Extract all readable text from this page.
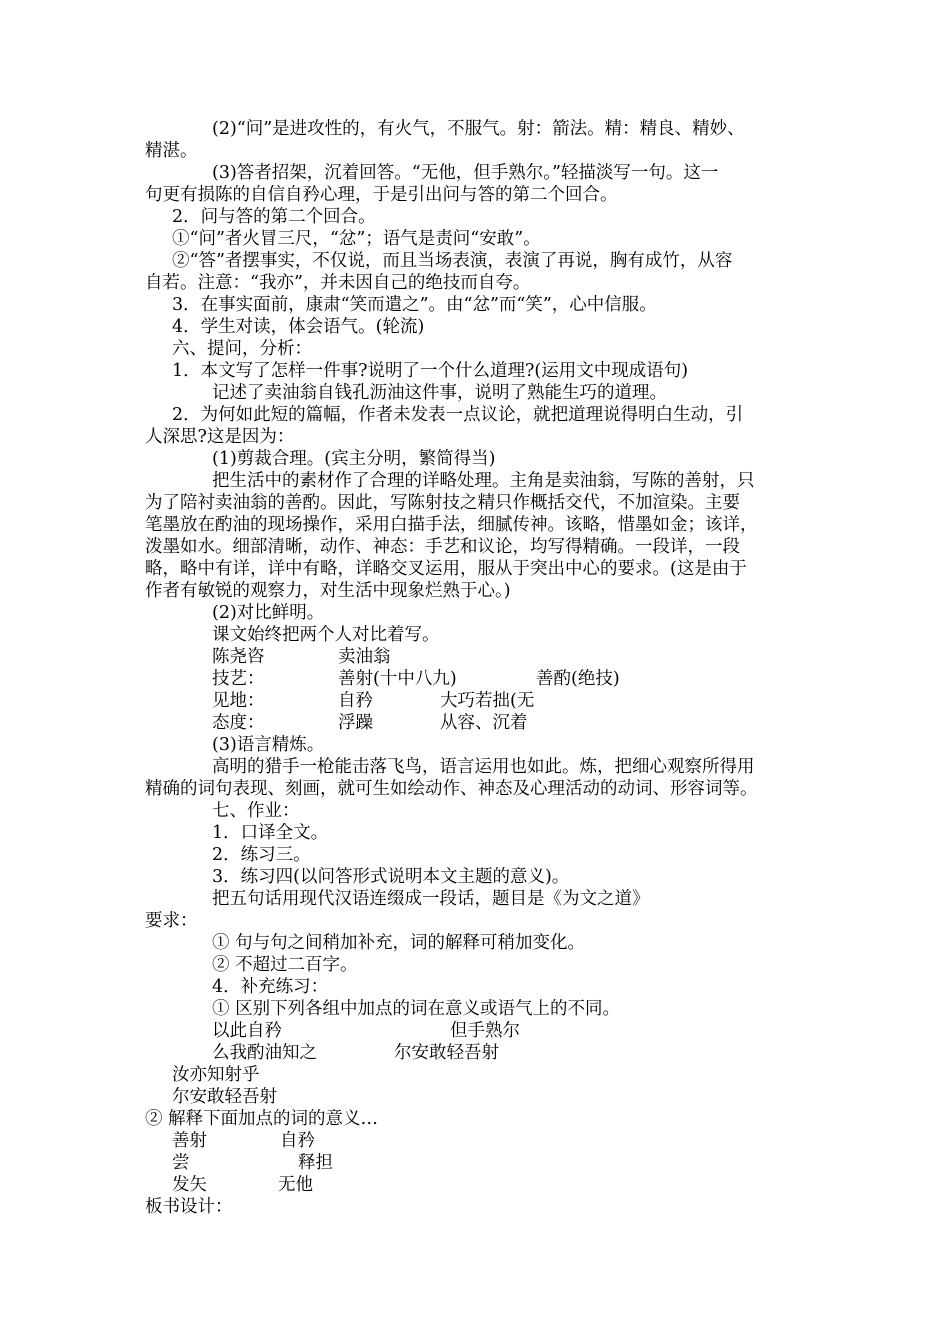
(2)“问”是进攻性的，有火气，不服气。射：箭法。精：精良、精妙、
精湛。
(3)答者招架，沉着回答。“无他，但手熟尔。”轻描淡写一句。这一
句更有损陈的自信自矜心理，于是引出问与答的第二个回合。
2．问与答的第二个回合。
①“问”者火冒三尺，“忿”；语气是责问“安敢”。
②“答”者摆事实，不仅说，而且当场表演，表演了再说，胸有成竹，从容
自若。注意：“我亦”，并未因自己的绝技而自夸。
3．在事实面前，康肃“笑而遣之”。由“忿”而“笑”，心中信服。
4．学生对读，体会语气。(轮流)
六、提问，分析：
1．本文写了怎样一件事?说明了一个什么道理?(运用文中现成语句)
记述了卖油翁自钱孔沥油这件事，说明了熟能生巧的道理。
2．为何如此短的篇幅，作者未发表一点议论，就把道理说得明白生动，引
人深思?这是因为：
(1)剪裁合理。(宾主分明，繁简得当)
把生活中的素材作了合理的详略处理。主角是卖油翁，写陈的善射，只
为了陪衬卖油翁的善酌。因此，写陈射技之精只作概括交代，不加渲染。主要
笔墨放在酌油的现场操作，采用白描手法，细腻传神。该略，惜墨如金；该详，
泼墨如水。细部清晰，动作、神态：手艺和议论，均写得精确。一段详，一段
略，略中有详，详中有略，详略交叉运用，服从于突出中心的要求。(这是由于
作者有敏锐的观察力，对生活中现象烂熟于心。)
(2)对比鲜明。
课文始终把两个人对比着写。
陈尧咨	卖油翁
技艺：	善射(十中八九)	善酌(绝技)
见地：	自矜	大巧若拙(无
态度：	浮躁	从容、沉着
(3)语言精炼。
高明的猎手一枪能击落飞鸟，语言运用也如此。炼，把细心观察所得用
精确的词句表现、刻画，就可生如绘动作、神态及心理活动的动词、形容词等。
七、作业：
1．口译全文。
2．练习三。
3．练习四(以问答形式说明本文主题的意义)。
把五句话用现代汉语连缀成一段话，题目是《为文之道》
要求：
① 句与句之间稍加补充，词的解释可稍加变化。
② 不超过二百字。
4．补充练习：
① 区别下列各组中加点的词在意义或语气上的不同。
以此自矜	但手熟尔
么我酌油知之	尔安敢轻吾射
汝亦知射乎
尔安敢轻吾射
② 解释下面加点的词的意义…
善射	自矜
尝	释担
发矢	无他
板书设计：
